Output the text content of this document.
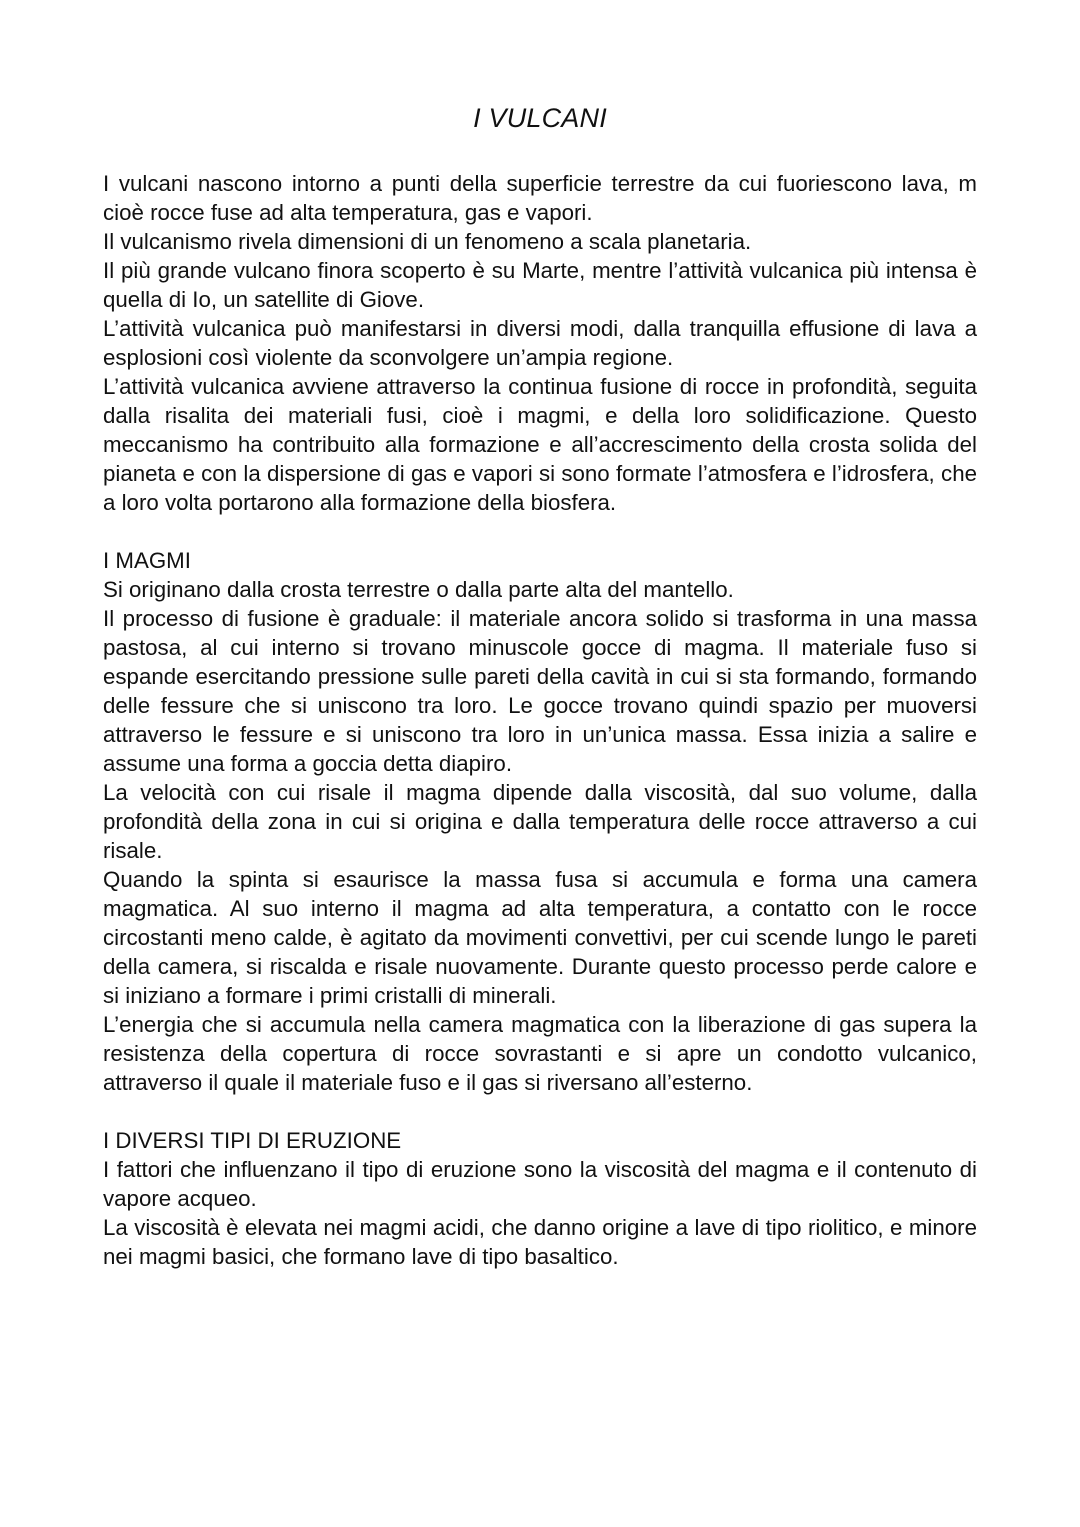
I VULCANI

I vulcani nascono intorno a punti della superficie terrestre da cui fuoriescono lava, m cioè rocce fuse ad alta temperatura, gas e vapori.

Il vulcanismo rivela dimensioni di un fenomeno a scala planetaria.

Il più grande vulcano finora scoperto è su Marte, mentre l’attività vulcanica più intensa è quella di Io, un satellite di Giove.

L’attività vulcanica può manifestarsi in diversi modi, dalla tranquilla effusione di lava a esplosioni così violente da sconvolgere un’ampia regione.

L’attività vulcanica avviene attraverso la continua fusione di rocce in profondità, seguita dalla risalita dei materiali fusi, cioè i magmi, e della loro solidificazione. Questo meccanismo ha contribuito alla formazione e all’accrescimento della crosta solida del pianeta e con la dispersione di gas e vapori si sono formate l’atmosfera e l’idrosfera, che a loro volta portarono alla formazione della biosfera.

I MAGMI

Si originano dalla crosta terrestre o dalla parte alta del mantello.

Il processo di fusione è graduale: il materiale ancora solido si trasforma in una massa pastosa, al cui interno si trovano minuscole gocce di magma. Il materiale fuso si espande esercitando pressione sulle pareti della cavità in cui si sta formando, formando delle fessure che si uniscono tra loro. Le gocce trovano quindi spazio per muoversi attraverso le fessure e si uniscono tra loro in un’unica massa. Essa inizia a salire e assume una forma a goccia detta diapiro.

La velocità con cui risale il magma dipende dalla viscosità, dal suo volume, dalla profondità della zona in cui si origina e dalla temperatura delle rocce attraverso a cui risale.

Quando la spinta si esaurisce la massa fusa si accumula e forma una camera magmatica. Al suo interno il magma ad alta temperatura, a contatto con le rocce circostanti meno calde, è agitato da movimenti convettivi, per cui scende lungo le pareti della camera, si riscalda e risale nuovamente. Durante questo processo perde calore e si iniziano a formare i primi cristalli di minerali.

L’energia che si accumula nella camera magmatica con la liberazione di gas supera la resistenza della copertura di rocce sovrastanti e si apre un condotto vulcanico, attraverso il quale il materiale fuso e il gas si riversano all’esterno.

I DIVERSI TIPI DI ERUZIONE

I fattori che influenzano il tipo di eruzione sono la viscosità del magma e il contenuto di vapore acqueo.

La viscosità è elevata nei magmi acidi, che danno origine a lave di tipo riolitico, e minore nei magmi basici, che formano lave di tipo basaltico.
